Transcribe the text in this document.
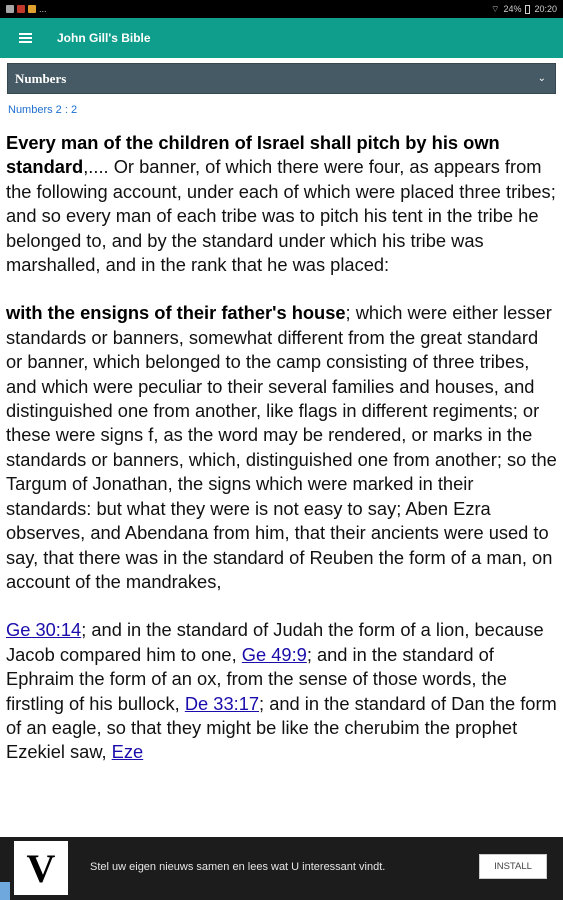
...	⌔ 24% 20:20
John Gill's Bible
Numbers	⌄
Numbers 2 : 2

Every man of the children of Israel shall pitch by his own standard,.... Or banner, of which there were four, as appears from the following account, under each of which were placed three tribes; and so every man of each tribe was to pitch his tent in the tribe he belonged to, and by the standard under which his tribe was marshalled, and in the rank that he was placed:

with the ensigns of their father's house; which were either lesser standards or banners, somewhat different from the great standard or banner, which belonged to the camp consisting of three tribes, and which were peculiar to their several families and houses, and distinguished one from another, like flags in different regiments; or these were signs f, as the word may be rendered, or marks in the standards or banners, which, distinguished one from another; so the Targum of Jonathan, the signs which were marked in their standards: but what they were is not easy to say; Aben Ezra observes, and Abendana from him, that their ancients were used to say, that there was in the standard of Reuben the form of a man, on account of the mandrakes,

Ge 30:14; and in the standard of Judah the form of a lion, because Jacob compared him to one, Ge 49:9; and in the standard of Ephraim the form of an ox, from the sense of those words, the firstling of his bullock, De 33:17; and in the standard of Dan the form of an eagle, so that they might be like the cherubim the prophet Ezekiel saw, Eze

V	Stel uw eigen nieuws samen en lees wat U interessant vindt.	INSTALL
